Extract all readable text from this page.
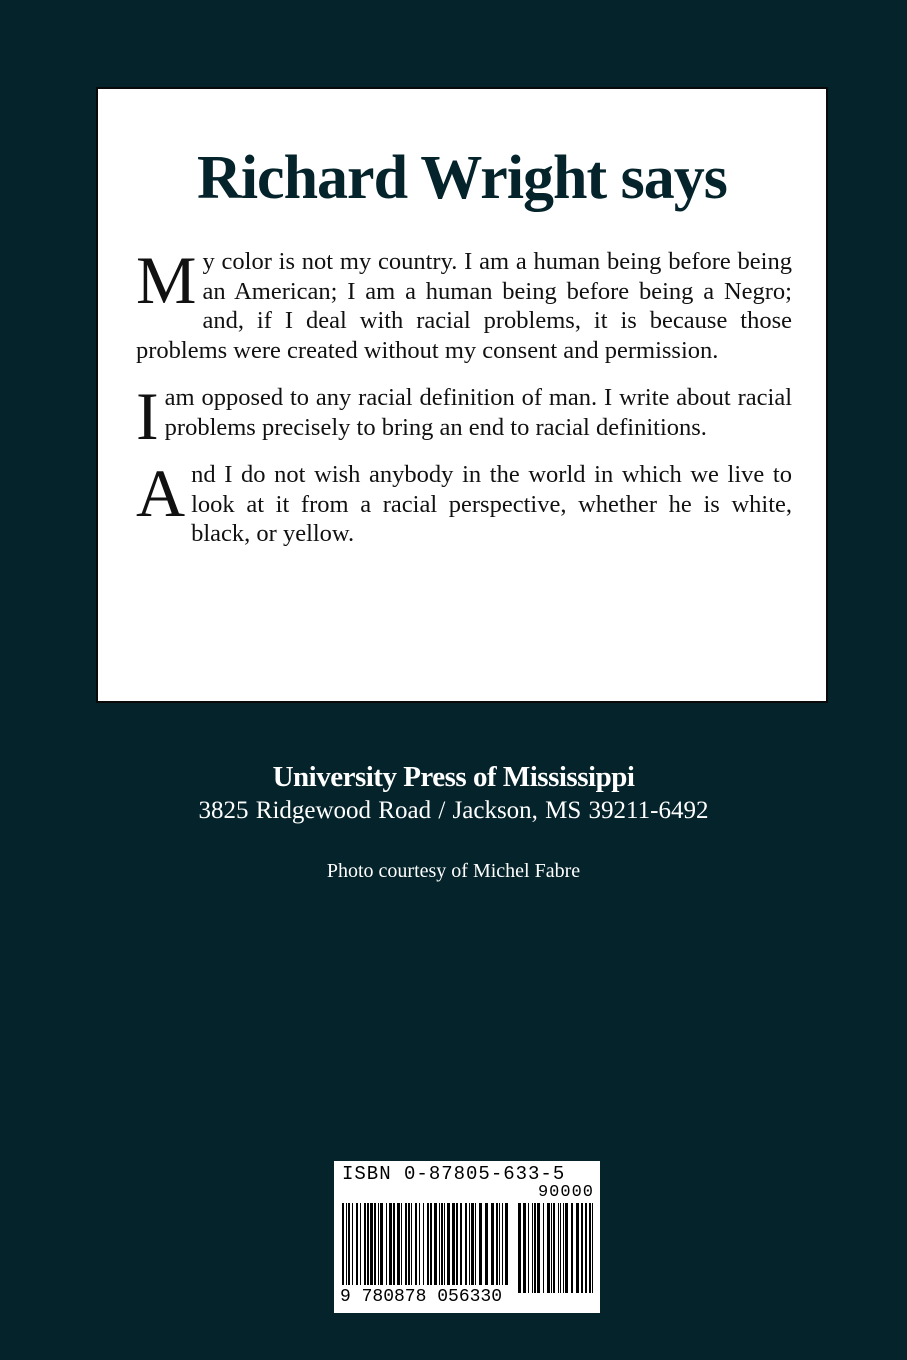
Richard Wright says

M y color is not my country. I am a human being before being an American; I am a human being before being a Negro; and, if I deal with racial problems, it is because those problems were created without my consent and permission.

I am opposed to any racial definition of man. I write about racial problems precisely to bring an end to racial definitions.

A nd I do not wish anybody in the world in which we live to look at it from a racial perspective, whether he is white, black, or yellow.

University Press of Mississippi
3825 Ridgewood Road / Jackson, MS 39211-6492
Photo courtesy of Michel Fabre
ISBN 0-87805-633-5
90000
9 780878 056330
